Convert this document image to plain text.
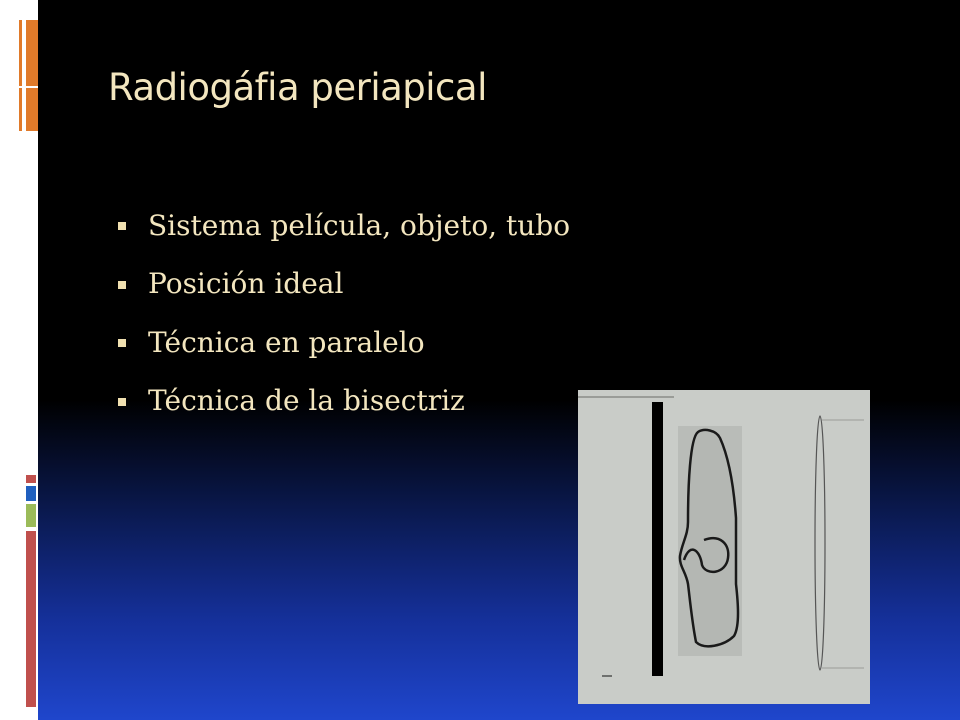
Radiogáfia periapical
Sistema película, objeto, tubo
Posición ideal
Técnica en paralelo
Técnica de la bisectriz
